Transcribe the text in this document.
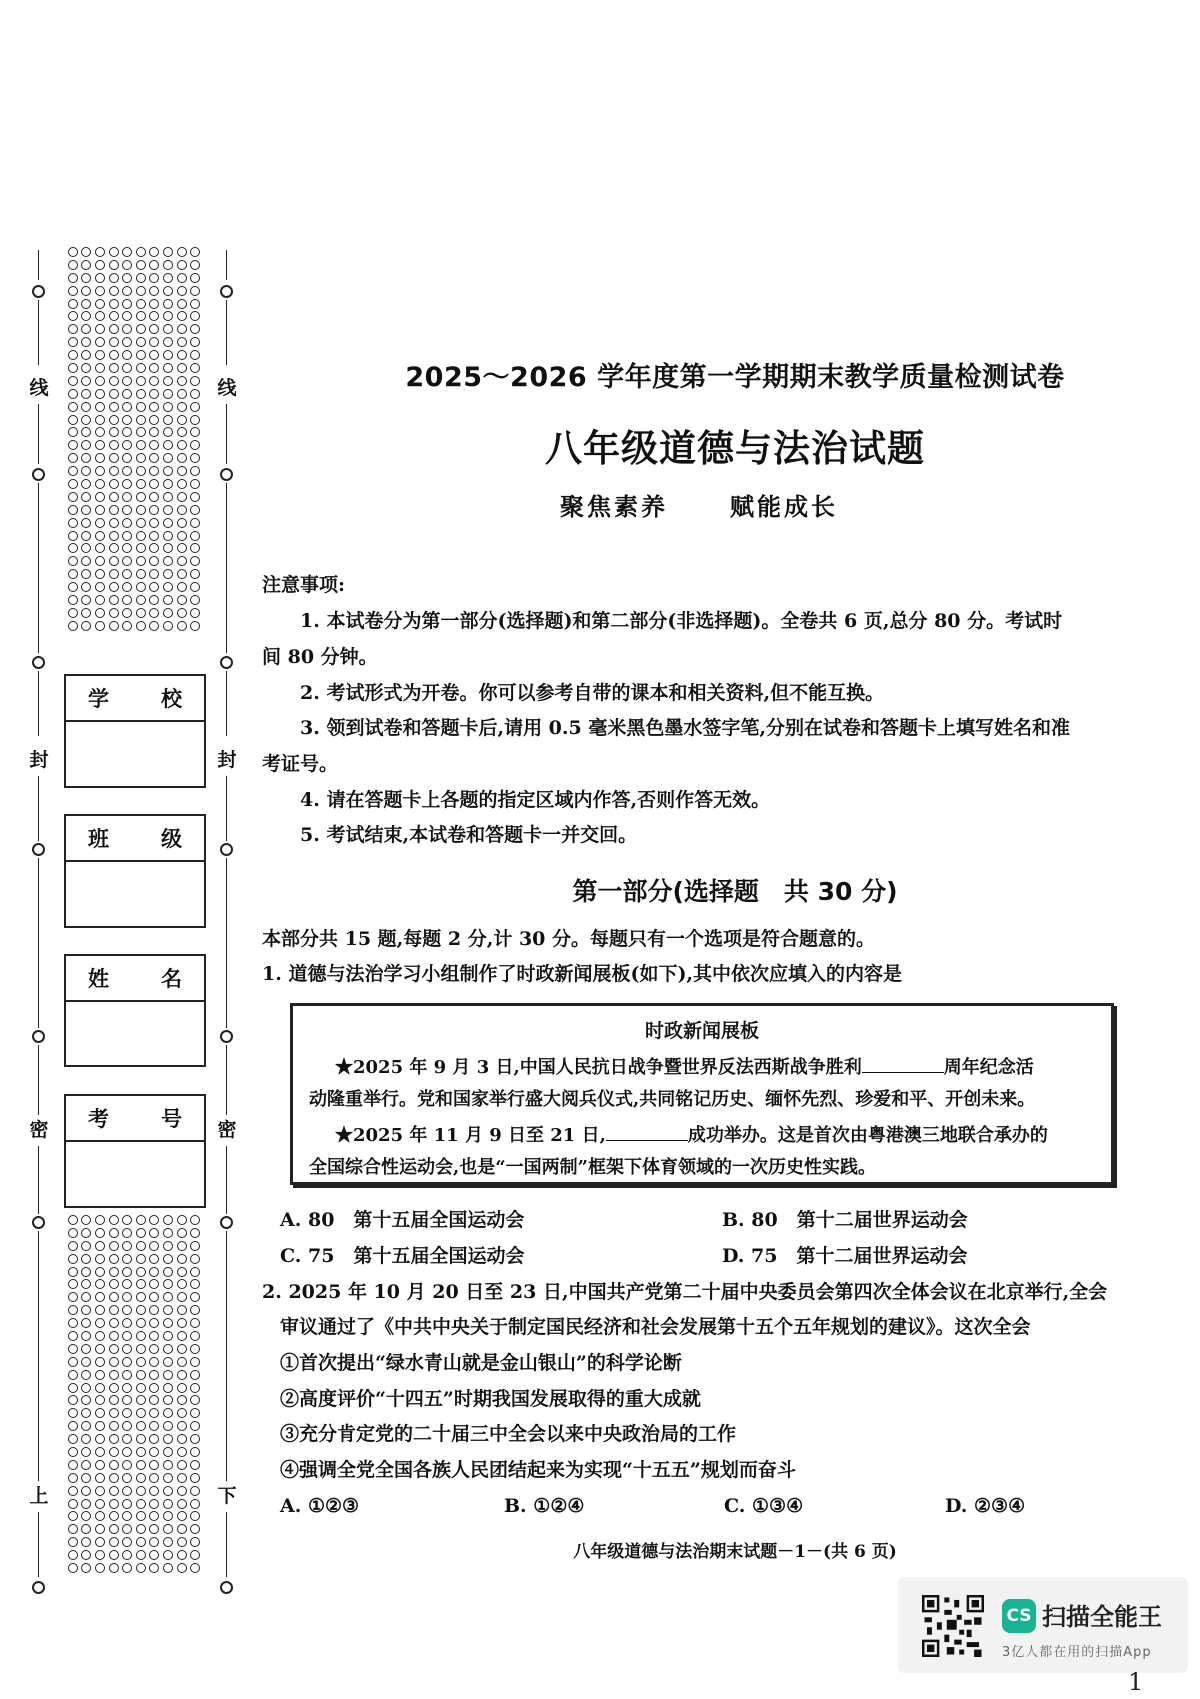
线
封
密
上
线
封
密
下
学 校
班 级
姓 名
考 号
2025～2026 学年度第一学期期末教学质量检测试卷
八年级道德与法治试题
聚焦素养	赋能成长
注意事项:
1. 本试卷分为第一部分(选择题)和第二部分(非选择题)。全卷共 6 页,总分 80 分。考试时
间 80 分钟。
2. 考试形式为开卷。你可以参考自带的课本和相关资料,但不能互换。
3. 领到试卷和答题卡后,请用 0.5 毫米黑色墨水签字笔,分别在试卷和答题卡上填写姓名和准
考证号。
4. 请在答题卡上各题的指定区域内作答,否则作答无效。
5. 考试结束,本试卷和答题卡一并交回。
第一部分(选择题　共 30 分)
本部分共 15 题,每题 2 分,计 30 分。每题只有一个选项是符合题意的。
1. 道德与法治学习小组制作了时政新闻展板(如下),其中依次应填入的内容是
时政新闻展板
★2025 年 9 月 3 日,中国人民抗日战争暨世界反法西斯战争胜利	周年纪念活
动隆重举行。党和国家举行盛大阅兵仪式,共同铭记历史、缅怀先烈、珍爱和平、开创未来。
★2025 年 11 月 9 日至 21 日,	成功举办。这是首次由粤港澳三地联合承办的
全国综合性运动会,也是“一国两制”框架下体育领域的一次历史性实践。
A. 80　第十五届全国运动会	B. 80　第十二届世界运动会
C. 75　第十五届全国运动会	D. 75　第十二届世界运动会
2. 2025 年 10 月 20 日至 23 日,中国共产党第二十届中央委员会第四次全体会议在北京举行,全会
审议通过了《中共中央关于制定国民经济和社会发展第十五个五年规划的建议》。这次全会
①首次提出“绿水青山就是金山银山”的科学论断
②高度评价“十四五”时期我国发展取得的重大成就
③充分肯定党的二十届三中全会以来中央政治局的工作
④强调全党全国各族人民团结起来为实现“十五五”规划而奋斗
A. ①②③	B. ①②④	C. ①③④	D. ②③④
八年级道德与法治期末试题－1－(共 6 页)
CS 扫描全能王
3亿人都在用的扫描App
1
